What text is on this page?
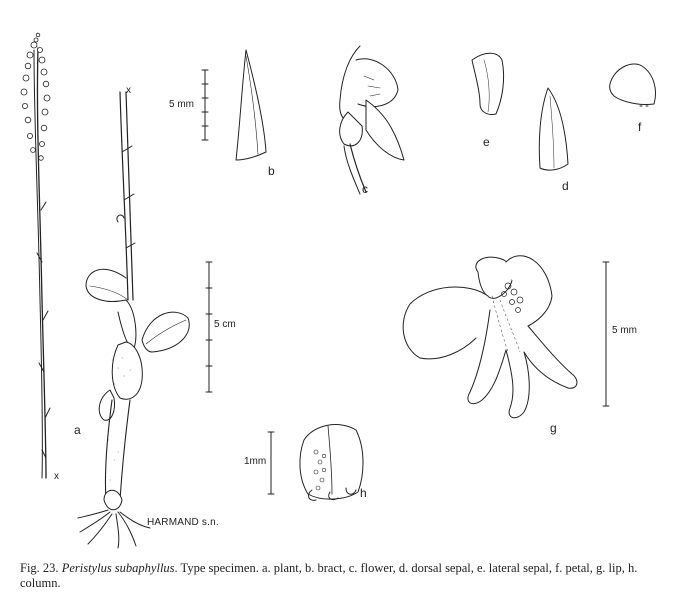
a
b
c	d
e
f
g
h
x
x
5 mm
5 cm
5 mm
1mm
HARMAND s.n.
Fig. 23. Peristylus subaphyllus. Type specimen. a. plant, b. bract, c. flower, d. dorsal sepal, e. lateral sepal, f. petal, g. lip, h. column.
